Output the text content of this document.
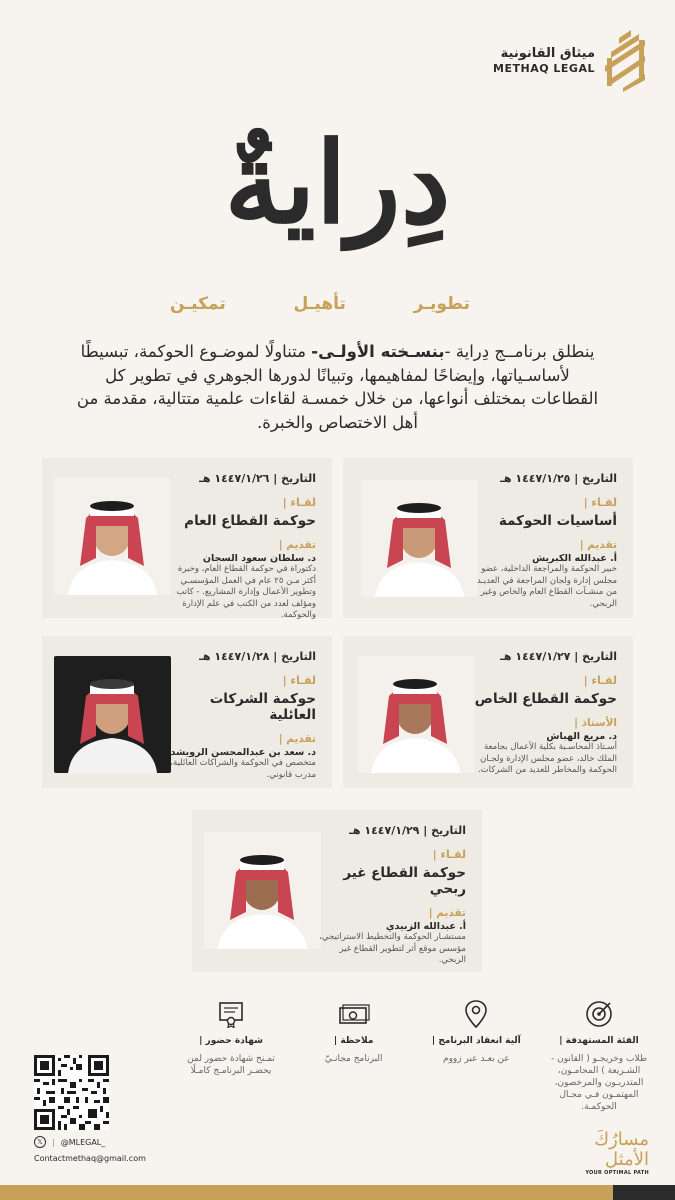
ميثاق القانونية
METHAQ LEGAL
دِرايةٌ
تطويـر
تأهيـل
تمكيـن
ينطلق برنامــج دِراية -بنسـخته الأولـى- متناولًا لموضـوع الحوكمة، تبسيطًا لأساسـياتها، وإيضاحًا لمفاهيمها، وتبيانًا لدورها الجوهري في تطوير كل القطاعات بمختلف أنواعها، من خلال خمسـة لقاءات علمية متتالية، مقدمة من أهل الاختصاص والخبرة.
التاريخ | ١٤٤٧/١/٢٥ هـ
لقـاء |
أساسيات الحوكمة
تقديم |
أ. عبدالله الكبريش
خبير الحوكمة والمراجعة الداخلية، عضو مجلس إدارة ولجان المراجعة في العديـد من منشـآت القطاع العام والخاص وغير الربحي.
التاريخ | ١٤٤٧/١/٢٦ هـ
لقـاء |
حوكمة القطاع العام
تقديم |
د. سلطان سعود السجان
دكتوراة في حوكمة القطاع العام، وخبرة أكثر مـن ٢٥ عام في العمل المؤسسـي وتطوير الأعمال وإدارة المشاريع. - كاتب ومؤلف لعدد من الكتب في علم الإدارة والحوكمة.
التاريخ | ١٤٤٧/١/٢٧ هـ
لقـاء |
حوكمة القطاع الخاص
الأستاذ |
د. مريع الهباش
أسـتاذ المحاسـبة بكلية الأعمال بجامعة الملك خالد، عضو مجلس الإدارة ولجـان الحوكمة والمخاطر للعديد من الشركات.
التاريخ | ١٤٤٧/١/٢٨ هـ
لقـاء |
حوكمة الشركات العائلية
تقديم |
د. سعد بن عبدالمحسن الرويشد
متخصص في الحوكمة والشراكات العائلية، مدرب قانوني.
التاريخ | ١٤٤٧/١/٢٩ هـ
لقـاء |
حوكمة القطاع غير ربحي
تقديم |
أ. عبدالله الزبيدي
مستشـار الحوكمة والتخطيط الاستراتيجي، مؤسس موقع أثر لتطوير القطاع غير الربحي.
الفئة المستهدفة |
طلاب وخريجـو ( القانون - الشـريعة ) المحامـون، المتدربـون والمرخصون، المهتمـون فـي مجـال الحوكمـة.
آلية انعقاد البرنامج |
عن بعـد عبر زووم
ملاحظة |
البرنامج مجانـيّ
شهادة حضور |
تمـنح شهادة حضور لمن يحضـر البرنامـج كامـلًا
𝕏	| @MLEGAL_
Contactmethaq@gmail.com
مسارُكَ الأمثل
YOUR OPTIMAL PATH
